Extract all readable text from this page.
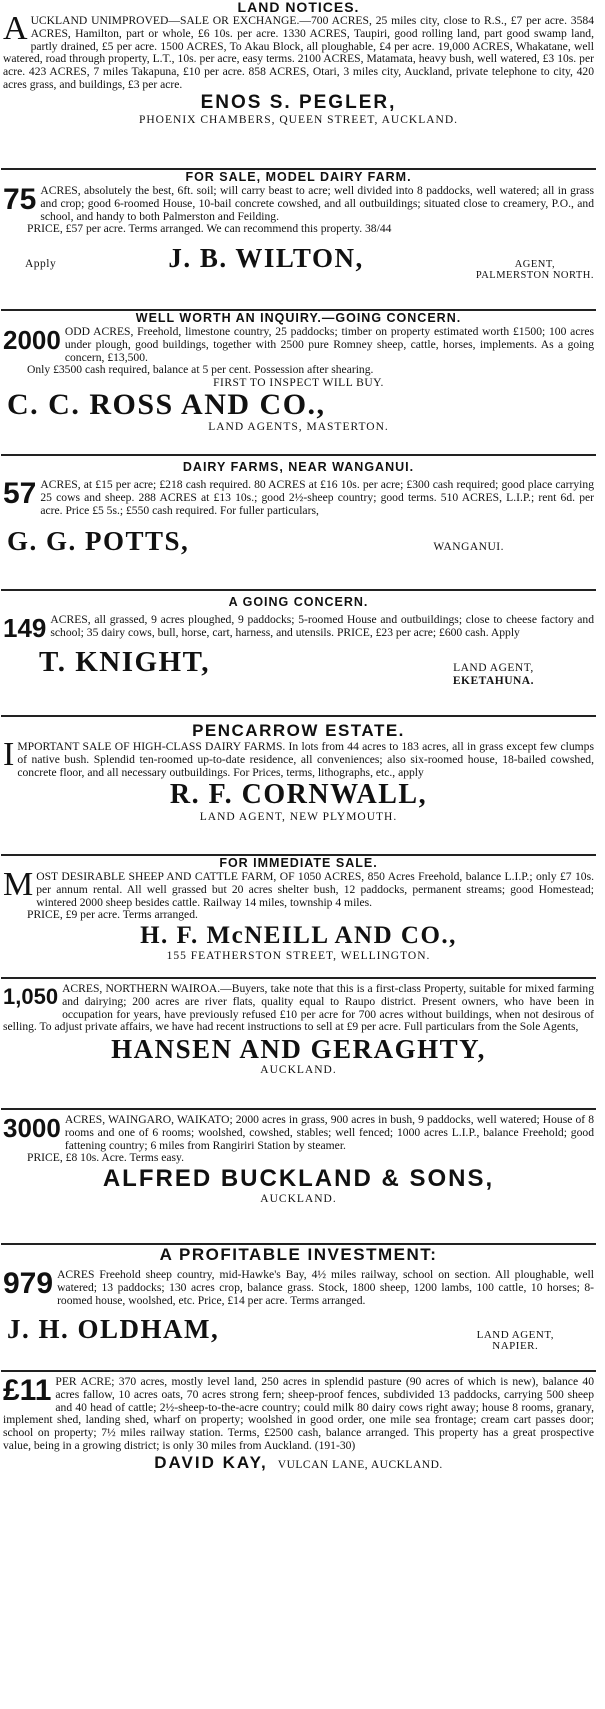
LAND NOTICES.

A UCKLAND UNIMPROVED—SALE OR EXCHANGE.—700 ACRES, 25 miles city, close to R.S., £7 per acre. 3584 ACRES, Hamilton, part or whole, £6 10s. per acre. 1330 ACRES, Taupiri, good rolling land, part good swamp land, partly drained, £5 per acre. 1500 ACRES, To Akau Block, all ploughable, £4 per acre. 19,000 ACRES, Whakatane, well watered, road through property, L.T., 10s. per acre, easy terms. 2100 ACRES, Matamata, heavy bush, well watered, £3 10s. per acre. 423 ACRES, 7 miles Takapuna, £10 per acre. 858 ACRES, Otari, 3 miles city, Auckland, private telephone to city, 420 acres grass, and buildings, £3 per acre.

ENOS S. PEGLER,
PHOENIX CHAMBERS, QUEEN STREET, AUCKLAND.
FOR SALE, MODEL DAIRY FARM.

75 ACRES, absolutely the best, 6ft. soil; will carry beast to acre; well divided into 8 paddocks, well watered; all in grass and crop; good 6-roomed House, 10-bail concrete cowshed, and all outbuildings; situated close to creamery, P.O., and school, and handy to both Palmerston and Feilding.

PRICE, £57 per acre. Terms arranged. We can recommend this property. 38/44

Apply	J. B. WILTON,	AGENT,
PALMERSTON NORTH.
WELL WORTH AN INQUIRY.—GOING CONCERN.

2000 ODD ACRES, Freehold, limestone country, 25 paddocks; timber on property estimated worth £1500; 100 acres under plough, good buildings, together with 2500 pure Romney sheep, cattle, horses, implements. As a going concern, £13,500.

Only £3500 cash required, balance at 5 per cent. Possession after shearing.

FIRST TO INSPECT WILL BUY.
C. C. ROSS AND CO.,
LAND AGENTS, MASTERTON.
DAIRY FARMS, NEAR WANGANUI.

57 ACRES, at £15 per acre; £218 cash required. 80 ACRES at £16 10s. per acre; £300 cash required; good place carrying 25 cows and sheep. 288 ACRES at £13 10s.; good 2½-sheep country; good terms. 510 ACRES, L.I.P.; rent 6d. per acre. Price £5 5s.; £550 cash required. For fuller particulars,

G. G. POTTS,	WANGANUI.
A GOING CONCERN.

149 ACRES, all grassed, 9 acres ploughed, 9 paddocks; 5-roomed House and outbuildings; close to cheese factory and school; 35 dairy cows, bull, horse, cart, harness, and utensils. PRICE, £23 per acre; £600 cash. Apply

T. KNIGHT,	LAND AGENT,
EKETAHUNA.
PENCARROW ESTATE.

I MPORTANT SALE OF HIGH-CLASS DAIRY FARMS. In lots from 44 acres to 183 acres, all in grass except few clumps of native bush. Splendid ten-roomed up-to-date residence, all conveniences; also six-roomed house, 18-bailed cowshed, concrete floor, and all necessary outbuildings. For Prices, terms, lithographs, etc., apply

R. F. CORNWALL,
LAND AGENT, NEW PLYMOUTH.
FOR IMMEDIATE SALE.

M OST DESIRABLE SHEEP AND CATTLE FARM, OF 1050 ACRES, 850 Acres Freehold, balance L.I.P.; only £7 10s. per annum rental. All well grassed but 20 acres shelter bush, 12 paddocks, permanent streams; good Homestead; wintered 2000 sheep besides cattle. Railway 14 miles, township 4 miles.

PRICE, £9 per acre. Terms arranged.

H. F. McNEILL AND CO.,
155 FEATHERSTON STREET, WELLINGTON.

1,050 ACRES, NORTHERN WAIROA.—Buyers, take note that this is a first-class Property, suitable for mixed farming and dairying; 200 acres are river flats, quality equal to Raupo district. Present owners, who have been in occupation for years, have previously refused £10 per acre for 700 acres without buildings, when not desirous of selling. To adjust private affairs, we have had recent instructions to sell at £9 per acre. Full particulars from the Sole Agents,

HANSEN AND GERAGHTY,
AUCKLAND.

3000 ACRES, WAINGARO, WAIKATO; 2000 acres in grass, 900 acres in bush, 9 paddocks, well watered; House of 8 rooms and one of 6 rooms; woolshed, cowshed, stables; well fenced; 1000 acres L.I.P., balance Freehold; good fattening country; 6 miles from Rangiriri Station by steamer.

PRICE, £8 10s. Acre. Terms easy.

ALFRED BUCKLAND & SONS,
AUCKLAND.
A PROFITABLE INVESTMENT:

979 ACRES Freehold sheep country, mid-Hawke's Bay, 4½ miles railway, school on section. All ploughable, well watered; 13 paddocks; 130 acres crop, balance grass. Stock, 1800 sheep, 1200 lambs, 100 cattle, 10 horses; 8-roomed house, woolshed, etc. Price, £14 per acre. Terms arranged.

J. H. OLDHAM,	LAND AGENT,
NAPIER.

£11 PER ACRE; 370 acres, mostly level land, 250 acres in splendid pasture (90 acres of which is new), balance 40 acres fallow, 10 acres oats, 70 acres strong fern; sheep-proof fences, subdivided 13 paddocks, carrying 500 sheep and 40 head of cattle; 2½-sheep-to-the-acre country; could milk 80 dairy cows right away; house 8 rooms, granary, implement shed, landing shed, wharf on property; woolshed in good order, one mile sea frontage; cream cart passes door; school on property; 7½ miles railway station. Terms, £2500 cash, balance arranged. This property has a great prospective value, being in a growing district; is only 30 miles from Auckland. (191-30)

DAVID KAY, VULCAN LANE, AUCKLAND.
